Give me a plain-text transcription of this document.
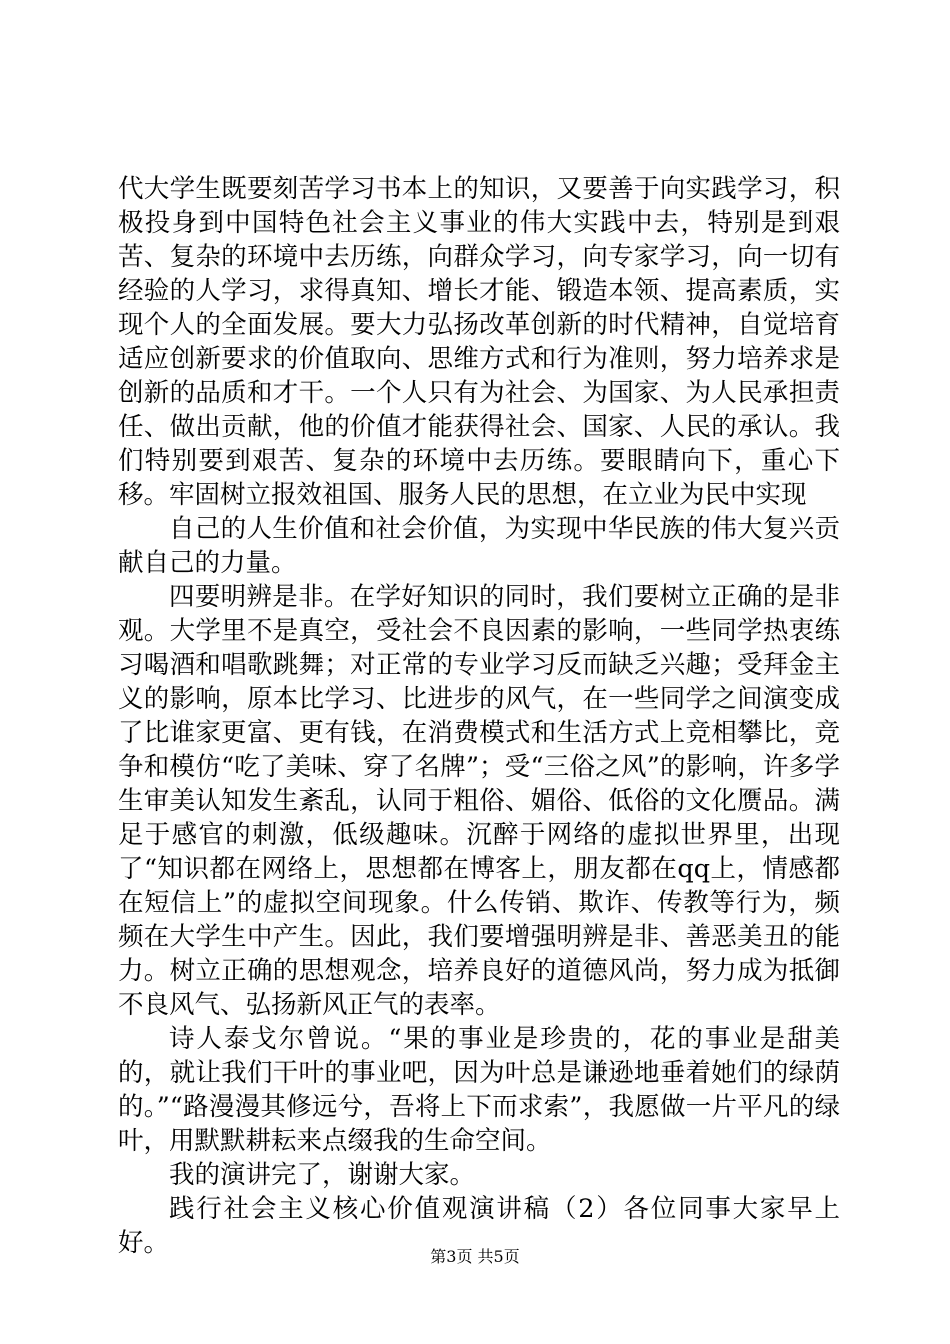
代大学生既要刻苦学习书本上的知识，又要善于向实践学习，积极投身到中国特色社会主义事业的伟大实践中去，特别是到艰苦、复杂的环境中去历练，向群众学习，向专家学习，向一切有经验的人学习，求得真知、增长才能、锻造本领、提高素质，实现个人的全面发展。要大力弘扬改革创新的时代精神，自觉培育适应创新要求的价值取向、思维方式和行为准则，努力培养求是创新的品质和才干。一个人只有为社会、为国家、为人民承担责任、做出贡献，他的价值才能获得社会、国家、人民的承认。我们特别要到艰苦、复杂的环境中去历练。要眼睛向下，重心下移。牢固树立报效祖国、服务人民的思想，在立业为民中实现

自己的人生价值和社会价值，为实现中华民族的伟大复兴贡献自己的力量。

四要明辨是非。在学好知识的同时，我们要树立正确的是非观。大学里不是真空，受社会不良因素的影响，一些同学热衷练习喝酒和唱歌跳舞；对正常的专业学习反而缺乏兴趣；受拜金主义的影响，原本比学习、比进步的风气，在一些同学之间演变成了比谁家更富、更有钱，在消费模式和生活方式上竞相攀比，竞争和模仿“吃了美味、穿了名牌”；受“三俗之风”的影响，许多学生审美认知发生紊乱，认同于粗俗、媚俗、低俗的文化赝品。满足于感官的刺激，低级趣味。沉醉于网络的虚拟世界里，出现了“知识都在网络上，思想都在博客上，朋友都在qq上，情感都在短信上”的虚拟空间现象。什么传销、欺诈、传教等行为，频频在大学生中产生。因此，我们要增强明辨是非、善恶美丑的能力。树立正确的思想观念，培养良好的道德风尚，努力成为抵御不良风气、弘扬新风正气的表率。

诗人泰戈尔曾说。“果的事业是珍贵的，花的事业是甜美的，就让我们干叶的事业吧，因为叶总是谦逊地垂着她们的绿荫的。”“路漫漫其修远兮，吾将上下而求索”，我愿做一片平凡的绿叶，用默默耕耘来点缀我的生命空间。

我的演讲完了，谢谢大家。

践行社会主义核心价值观演讲稿（2）各位同事大家早上好。	第3页 共5页
